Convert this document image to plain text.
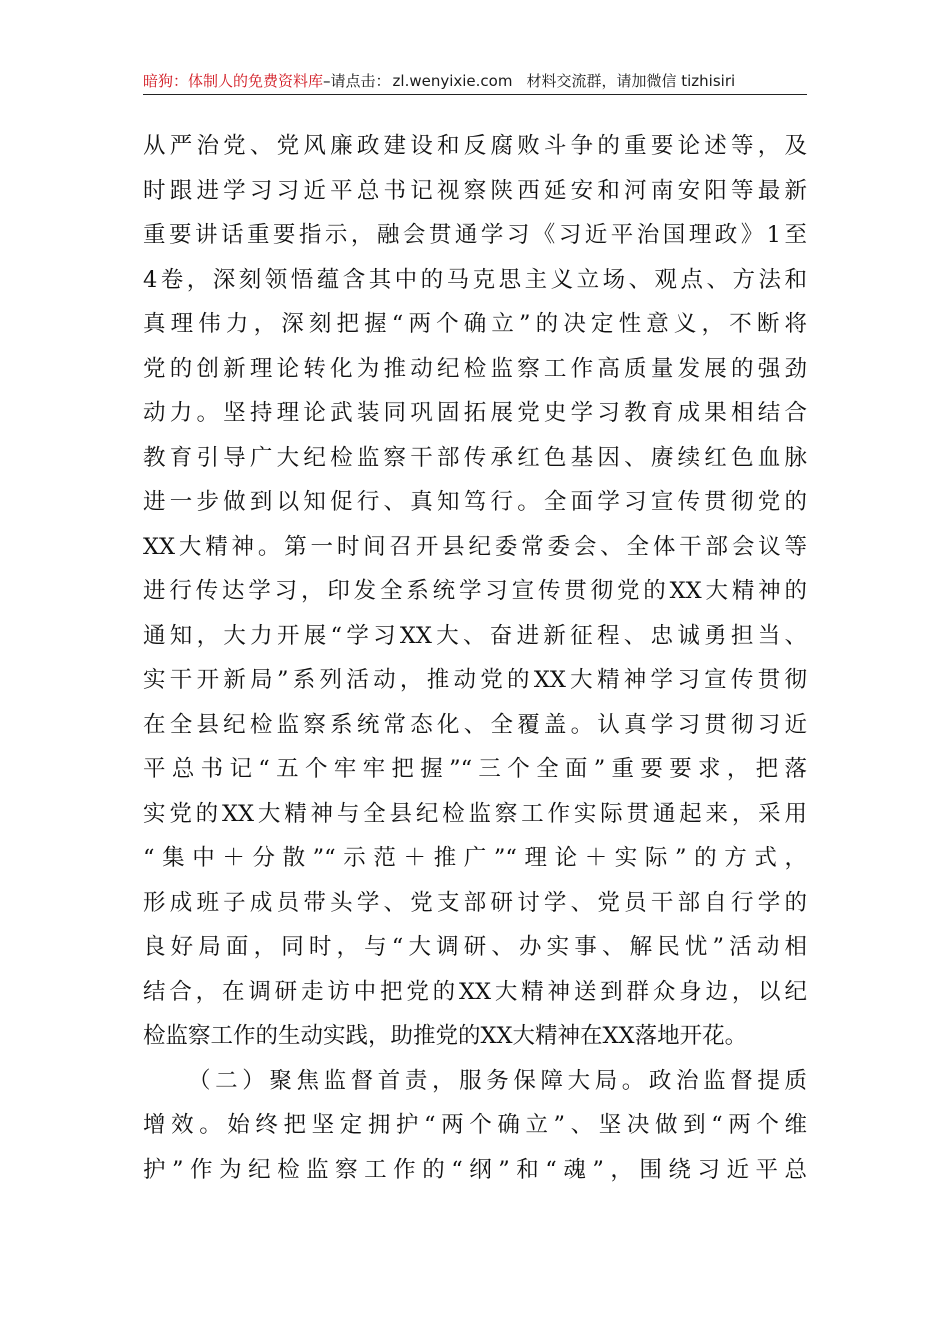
暗狗：体制人的免费资料库–请点击： zl.wenyixie.com 材料交流群，请加微信 tizhisiri
从严治党、党风廉政建设和反腐败斗争的重要论述等，及
时跟进学习习近平总书记视察陕西延安和河南安阳等最新
重要讲话重要指示，融会贯通学习《习近平治国理政》1至
4卷，深刻领悟蕴含其中的马克思主义立场、观点、方法和
真理伟力，深刻把握“两个确立”的决定性意义，不断将
党的创新理论转化为推动纪检监察工作高质量发展的强劲
动力。坚持理论武装同巩固拓展党史学习教育成果相结合
教育引导广大纪检监察干部传承红色基因、赓续红色血脉
进一步做到以知促行、真知笃行。全面学习宣传贯彻党的
XX大精神。第一时间召开县纪委常委会、全体干部会议等
进行传达学习，印发全系统学习宣传贯彻党的XX大精神的
通知，大力开展“学习XX大、奋进新征程、忠诚勇担当、
实干开新局”系列活动，推动党的XX大精神学习宣传贯彻
在全县纪检监察系统常态化、全覆盖。认真学习贯彻习近
平总书记“五个牢牢把握”“三个全面”重要要求，把落
实党的XX大精神与全县纪检监察工作实际贯通起来，采用
“集中＋分散”“示范＋推广”“理论＋实际”的方式，
形成班子成员带头学、党支部研讨学、党员干部自行学的
良好局面，同时，与“大调研、办实事、解民忧”活动相
结合，在调研走访中把党的XX大精神送到群众身边，以纪
检监察工作的生动实践，助推党的XX大精神在XX落地开花。
（二）聚焦监督首责，服务保障大局。政治监督提质
增效。始终把坚定拥护“两个确立”、坚决做到“两个维
护”作为纪检监察工作的“纲”和“魂”，围绕习近平总
